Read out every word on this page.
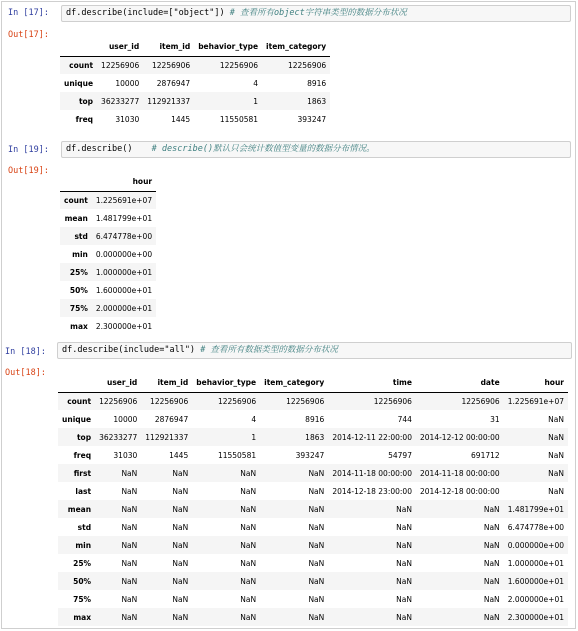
In [17]:	df.describe(include=["object"]) # 查看所有object字符串类型的数据分布状况
Out[17]:
	user_id	item_id	behavior_type	item_category
count	12256906	12256906	12256906	12256906
unique	10000	2876947	4	8916
top	36233277	112921337	1	1863
freq	31030	1445	11550581	393247
In [19]:	df.describe() # describe()默认只会统计数值型变量的数据分布情况。
Out[19]:
	hour
count	1.225691e+07
mean	1.481799e+01
std	6.474778e+00
min	0.000000e+00
25%	1.000000e+01
50%	1.600000e+01
75%	2.000000e+01
max	2.300000e+01
In [18]:	df.describe(include="all") # 查看所有数据类型的数据分布状况
Out[18]:
	user_id	item_id	behavior_type	item_category	time	date	hour
count	12256906	12256906	12256906	12256906	12256906	12256906	1.225691e+07
unique	10000	2876947	4	8916	744	31	NaN
top	36233277	112921337	1	1863	2014-12-11 22:00:00	2014-12-12 00:00:00	NaN
freq	31030	1445	11550581	393247	54797	691712	NaN
first	NaN	NaN	NaN	NaN	2014-11-18 00:00:00	2014-11-18 00:00:00	NaN
last	NaN	NaN	NaN	NaN	2014-12-18 23:00:00	2014-12-18 00:00:00	NaN
mean	NaN	NaN	NaN	NaN	NaN	NaN	1.481799e+01
std	NaN	NaN	NaN	NaN	NaN	NaN	6.474778e+00
min	NaN	NaN	NaN	NaN	NaN	NaN	0.000000e+00
25%	NaN	NaN	NaN	NaN	NaN	NaN	1.000000e+01
50%	NaN	NaN	NaN	NaN	NaN	NaN	1.600000e+01
75%	NaN	NaN	NaN	NaN	NaN	NaN	2.000000e+01
max	NaN	NaN	NaN	NaN	NaN	NaN	2.300000e+01
